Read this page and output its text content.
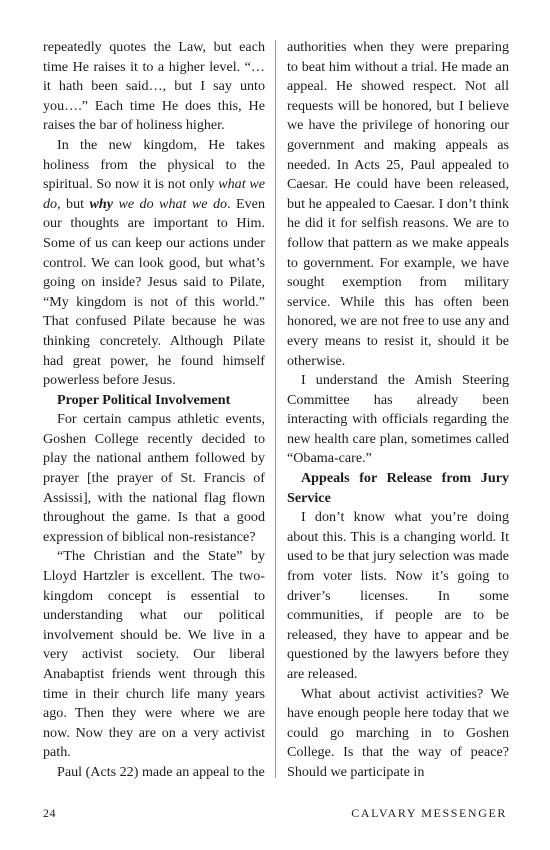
repeatedly quotes the Law, but each time He raises it to a higher level. “… it hath been said…, but I say unto you….” Each time He does this, He raises the bar of holiness higher.

In the new kingdom, He takes holiness from the physical to the spiritual. So now it is not only what we do, but why we do what we do. Even our thoughts are important to Him. Some of us can keep our actions under control. We can look good, but what’s going on inside? Jesus said to Pilate, “My kingdom is not of this world.” That confused Pilate because he was thinking concretely. Although Pilate had great power, he found himself powerless before Jesus.

Proper Political Involvement

For certain campus athletic events, Goshen College recently decided to play the national anthem followed by prayer [the prayer of St. Francis of Assissi], with the national flag flown throughout the game. Is that a good expression of biblical non-resistance?

“The Christian and the State” by Lloyd Hartzler is excellent. The two-kingdom concept is essential to understanding what our political involvement should be. We live in a very activist society. Our liberal Anabaptist friends went through this time in their church life many years ago. Then they were where we are now. Now they are on a very activist path.

Paul (Acts 22) made an appeal to the

authorities when they were preparing to beat him without a trial. He made an appeal. He showed respect. Not all requests will be honored, but I believe we have the privilege of honoring our government and making appeals as needed. In Acts 25, Paul appealed to Caesar. He could have been released, but he appealed to Caesar. I don’t think he did it for selfish reasons. We are to follow that pattern as we make appeals to government. For example, we have sought exemption from military service. While this has often been honored, we are not free to use any and every means to resist it, should it be otherwise.

I understand the Amish Steering Committee has already been interacting with officials regarding the new health care plan, sometimes called “Obama-care.”

Appeals for Release from Jury Service

I don’t know what you’re doing about this. This is a changing world. It used to be that jury selection was made from voter lists. Now it’s going to driver’s licenses. In some communities, if people are to be released, they have to appear and be questioned by the lawyers before they are released.

What about activist activities? We have enough people here today that we could go marching in to Goshen College. Is that the way of peace? Should we participate in

24	CALVARY MESSENGER
